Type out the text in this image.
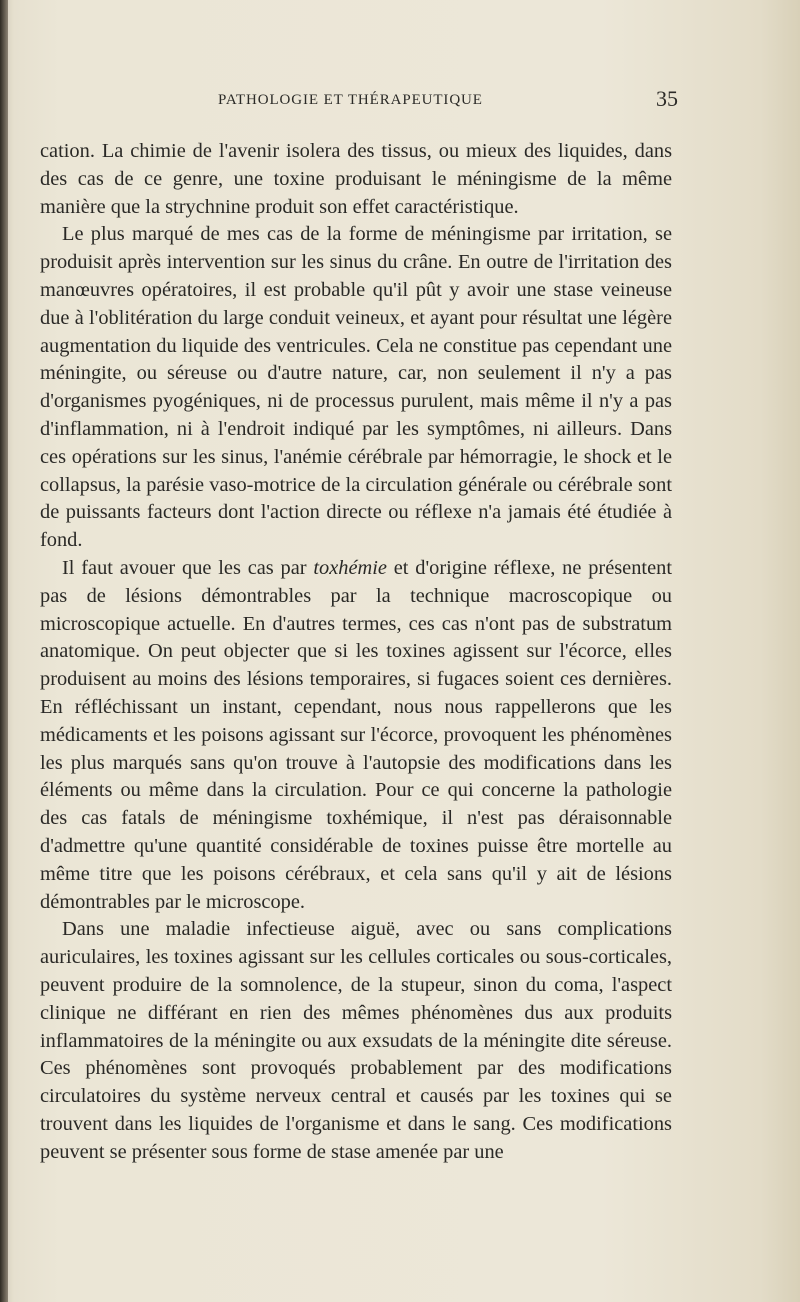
PATHOLOGIE ET THÉRAPEUTIQUE	35

cation. La chimie de l'avenir isolera des tissus, ou mieux des liquides, dans des cas de ce genre, une toxine produisant le méningisme de la même manière que la strychnine produit son effet caractéristique.

Le plus marqué de mes cas de la forme de méningisme par irritation, se produisit après intervention sur les sinus du crâne. En outre de l'irritation des manœuvres opératoires, il est probable qu'il pût y avoir une stase veineuse due à l'oblitération du large conduit veineux, et ayant pour résultat une légère augmentation du liquide des ventricules. Cela ne constitue pas cependant une méningite, ou séreuse ou d'autre nature, car, non seulement il n'y a pas d'organismes pyogéniques, ni de processus purulent, mais même il n'y a pas d'inflammation, ni à l'endroit indiqué par les symptômes, ni ailleurs. Dans ces opérations sur les sinus, l'anémie cérébrale par hémorragie, le shock et le collapsus, la parésie vaso-motrice de la circulation générale ou cérébrale sont de puissants facteurs dont l'action directe ou réflexe n'a jamais été étudiée à fond.

Il faut avouer que les cas par toxhémie et d'origine réflexe, ne présentent pas de lésions démontrables par la technique macroscopique ou microscopique actuelle. En d'autres termes, ces cas n'ont pas de substratum anatomique. On peut objecter que si les toxines agissent sur l'écorce, elles produisent au moins des lésions temporaires, si fugaces soient ces dernières. En réfléchissant un instant, cependant, nous nous rappellerons que les médicaments et les poisons agissant sur l'écorce, provoquent les phénomènes les plus marqués sans qu'on trouve à l'autopsie des modifications dans les éléments ou même dans la circulation. Pour ce qui concerne la pathologie des cas fatals de méningisme toxhémique, il n'est pas déraisonnable d'admettre qu'une quantité considérable de toxines puisse être mortelle au même titre que les poisons cérébraux, et cela sans qu'il y ait de lésions démontrables par le microscope.

Dans une maladie infectieuse aiguë, avec ou sans complications auriculaires, les toxines agissant sur les cellules corticales ou sous-corticales, peuvent produire de la somnolence, de la stupeur, sinon du coma, l'aspect clinique ne différant en rien des mêmes phénomènes dus aux produits inflammatoires de la méningite ou aux exsudats de la méningite dite séreuse. Ces phénomènes sont provoqués probablement par des modifications circulatoires du système nerveux central et causés par les toxines qui se trouvent dans les liquides de l'organisme et dans le sang. Ces modifications peuvent se présenter sous forme de stase amenée par une
